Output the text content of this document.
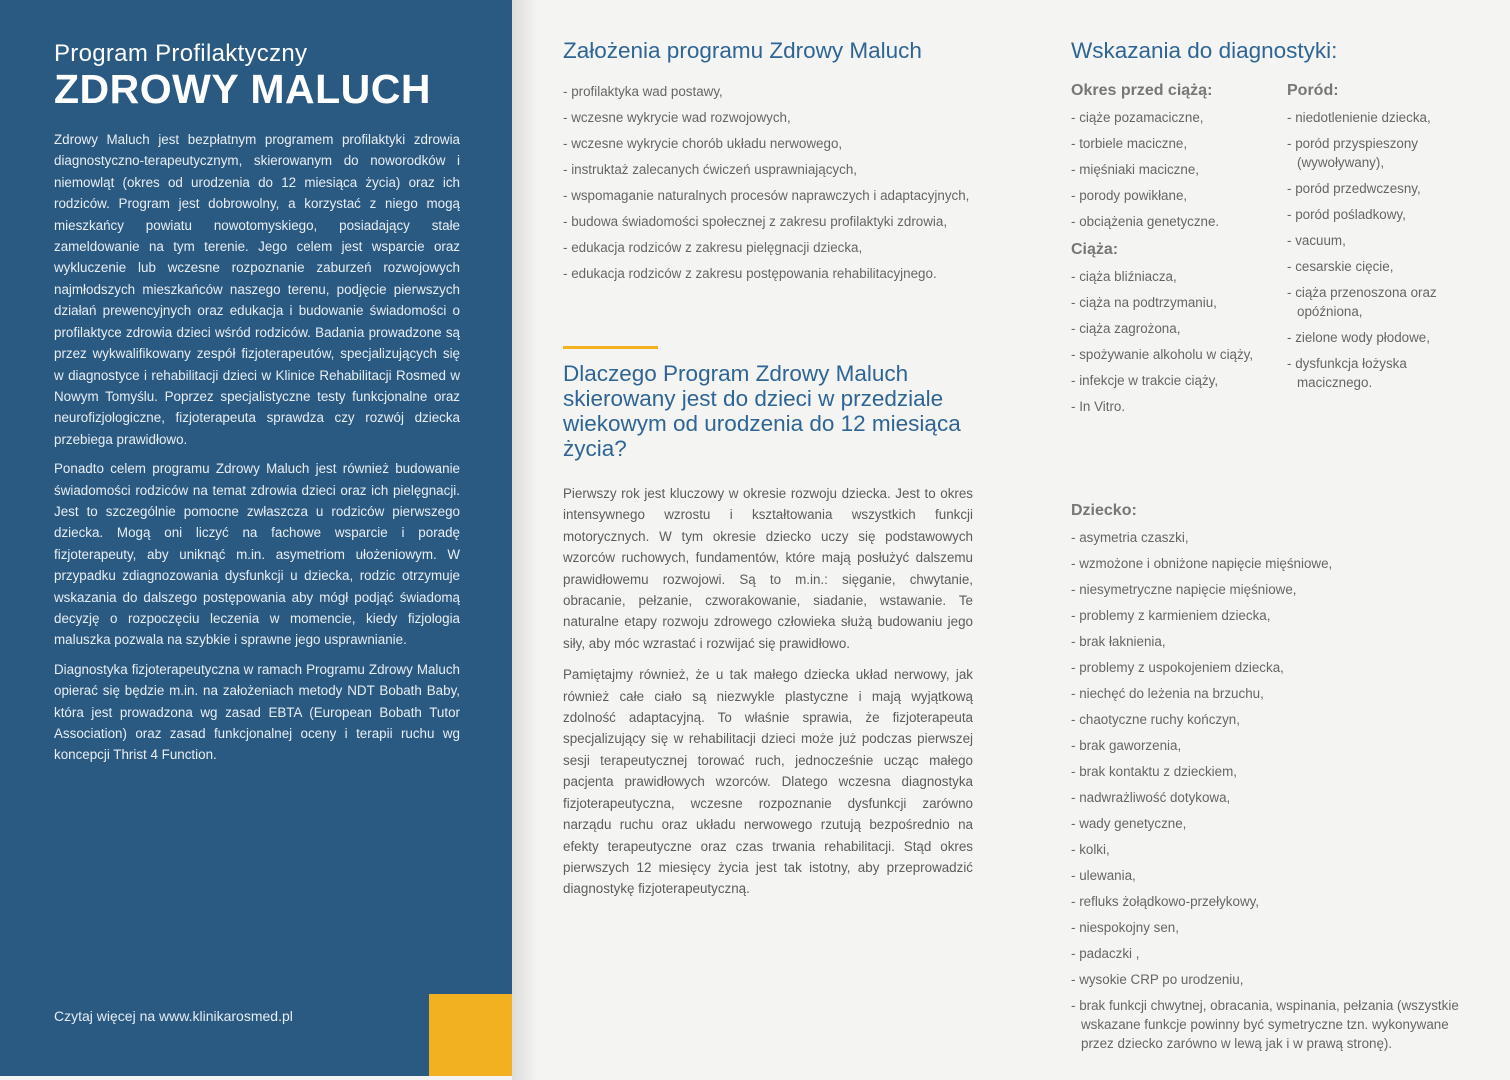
Program Profilaktyczny
ZDROWY MALUCH

Zdrowy Maluch jest bezpłatnym programem profilaktyki zdrowia diagnostyczno-terapeutycznym, skierowanym do noworodków i niemowląt (okres od urodzenia do 12 miesiąca życia) oraz ich rodziców. Program jest dobrowolny, a korzystać z niego mogą mieszkańcy powiatu nowotomyskiego, posiadający stałe zameldowanie na tym terenie. Jego celem jest wsparcie oraz wykluczenie lub wczesne rozpoznanie zaburzeń rozwojowych najmłodszych mieszkańców naszego terenu, podjęcie pierwszych działań prewencyjnych oraz edukacja i budowanie świadomości o profilaktyce zdrowia dzieci wśród rodziców. Badania prowadzone są przez wykwalifikowany zespół fizjoterapeutów, specjalizujących się w diagnostyce i rehabilitacji dzieci w Klinice Rehabilitacji Rosmed w Nowym Tomyślu. Poprzez specjalistyczne testy funkcjonalne oraz neurofizjologiczne, fizjoterapeuta sprawdza czy rozwój dziecka przebiega prawidłowo.

Ponadto celem programu Zdrowy Maluch jest również budowanie świadomości rodziców na temat zdrowia dzieci oraz ich pielęgnacji. Jest to szczególnie pomocne zwłaszcza u rodziców pierwszego dziecka. Mogą oni liczyć na fachowe wsparcie i poradę fizjoterapeuty, aby uniknąć m.in. asymetriom ułożeniowym. W przypadku zdiagnozowania dysfunkcji u dziecka, rodzic otrzymuje wskazania do dalszego postępowania aby mógł podjąć świadomą decyzję o rozpoczęciu leczenia w momencie, kiedy fizjologia maluszka pozwala na szybkie i sprawne jego usprawnianie.

Diagnostyka fizjoterapeutyczna w ramach Programu Zdrowy Maluch opierać się będzie m.in. na założeniach metody NDT Bobath Baby, która jest prowadzona wg zasad EBTA (European Bobath Tutor Association) oraz zasad funkcjonalnej oceny i terapii ruchu wg koncepcji Thrist 4 Function.

Czytaj więcej na www.klinikarosmed.pl
Założenia programu Zdrowy Maluch
- profilaktyka wad postawy,
- wczesne wykrycie wad rozwojowych,
- wczesne wykrycie chorób układu nerwowego,
- instruktaż zalecanych ćwiczeń usprawniających,
- wspomaganie naturalnych procesów naprawczych i adaptacyjnych,
- budowa świadomości społecznej z zakresu profilaktyki zdrowia,
- edukacja rodziców z zakresu pielęgnacji dziecka,
- edukacja rodziców z zakresu postępowania rehabilitacyjnego.
Dlaczego Program Zdrowy Maluch skierowany jest do dzieci w przedziale wiekowym od urodzenia do 12 miesiąca życia?

Pierwszy rok jest kluczowy w okresie rozwoju dziecka. Jest to okres intensywnego wzrostu i kształtowania wszystkich funkcji motorycznych. W tym okresie dziecko uczy się podstawowych wzorców ruchowych, fundamentów, które mają posłużyć dalszemu prawidłowemu rozwojowi. Są to m.in.: sięganie, chwytanie, obracanie, pełzanie, czworakowanie, siadanie, wstawanie. Te naturalne etapy rozwoju zdrowego człowieka służą budowaniu jego siły, aby móc wzrastać i rozwijać się prawidłowo.

Pamiętajmy również, że u tak małego dziecka układ nerwowy, jak również całe ciało są niezwykle plastyczne i mają wyjątkową zdolność adaptacyjną. To właśnie sprawia, że fizjoterapeuta specjalizujący się w rehabilitacji dzieci może już podczas pierwszej sesji terapeutycznej torować ruch, jednocześnie ucząc małego pacjenta prawidłowych wzorców. Dlatego wczesna diagnostyka fizjoterapeutyczna, wczesne rozpoznanie dysfunkcji zarówno narządu ruchu oraz układu nerwowego rzutują bezpośrednio na efekty terapeutyczne oraz czas trwania rehabilitacji. Stąd okres pierwszych 12 miesięcy życia jest tak istotny, aby przeprowadzić diagnostykę fizjoterapeutyczną.

Wskazania do diagnostyki:
Okres przed ciążą:
- ciąże pozamaciczne,
- torbiele maciczne,
- mięśniaki maciczne,
- porody powikłane,
- obciążenia genetyczne.
Ciąża:
- ciąża bliźniacza,
- ciąża na podtrzymaniu,
- ciąża zagrożona,
- spożywanie alkoholu w ciąży,
- infekcje w trakcie ciąży,
- In Vitro.
Poród:
- niedotlenienie dziecka,
- poród przyspieszony (wywoływany),
- poród przedwczesny,
- poród pośladkowy,
- vacuum,
- cesarskie cięcie,
- ciąża przenoszona oraz opóźniona,
- zielone wody płodowe,
- dysfunkcja łożyska macicznego.
Dziecko:
- asymetria czaszki,
- wzmożone i obniżone napięcie mięśniowe,
- niesymetryczne napięcie mięśniowe,
- problemy z karmieniem dziecka,
- brak łaknienia,
- problemy z uspokojeniem dziecka,
- niechęć do leżenia na brzuchu,
- chaotyczne ruchy kończyn,
- brak gaworzenia,
- brak kontaktu z dzieckiem,
- nadwrażliwość dotykowa,
- wady genetyczne,
- kolki,
- ulewania,
- refluks żołądkowo-przełykowy,
- niespokojny sen,
- padaczki ,
- wysokie CRP po urodzeniu,
- brak funkcji chwytnej, obracania, wspinania, pełzania (wszystkie wskazane funkcje powinny być symetryczne tzn. wykonywane przez dziecko zarówno w lewą jak i w prawą stronę).
